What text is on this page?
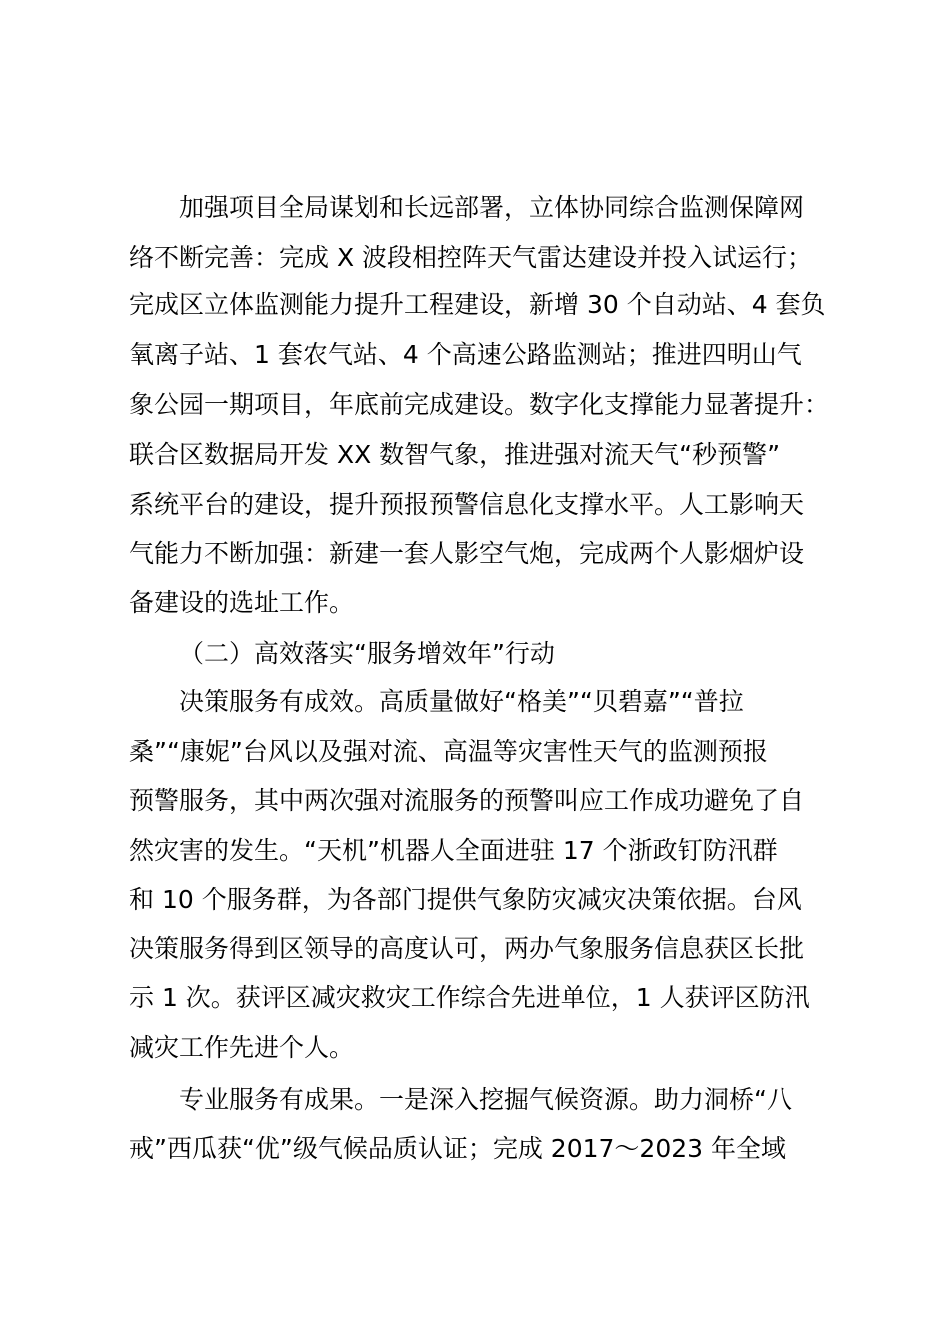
加强项目全局谋划和长远部署，立体协同综合监测保障网
络不断完善：完成 X 波段相控阵天气雷达建设并投入试运行；
完成区立体监测能力提升工程建设，新增 30 个自动站、4 套负
氧离子站、1 套农气站、4 个高速公路监测站；推进四明山气
象公园一期项目，年底前完成建设。数字化支撑能力显著提升：
联合区数据局开发 XX 数智气象，推进强对流天气“秒预警”
系统平台的建设，提升预报预警信息化支撑水平。人工影响天
气能力不断加强：新建一套人影空气炮，完成两个人影烟炉设
备建设的选址工作。
（二）高效落实“服务增效年”行动
决策服务有成效。高质量做好“格美”“贝碧嘉”“普拉
桑”“康妮”台风以及强对流、高温等灾害性天气的监测预报
预警服务，其中两次强对流服务的预警叫应工作成功避免了自
然灾害的发生。“天机”机器人全面进驻 17 个浙政钉防汛群
和 10 个服务群，为各部门提供气象防灾减灾决策依据。台风
决策服务得到区领导的高度认可，两办气象服务信息获区长批
示 1 次。获评区减灾救灾工作综合先进单位，1 人获评区防汛
减灾工作先进个人。
专业服务有成果。一是深入挖掘气候资源。助力洞桥“八
戒”西瓜获“优”级气候品质认证；完成 2017～2023 年全域
